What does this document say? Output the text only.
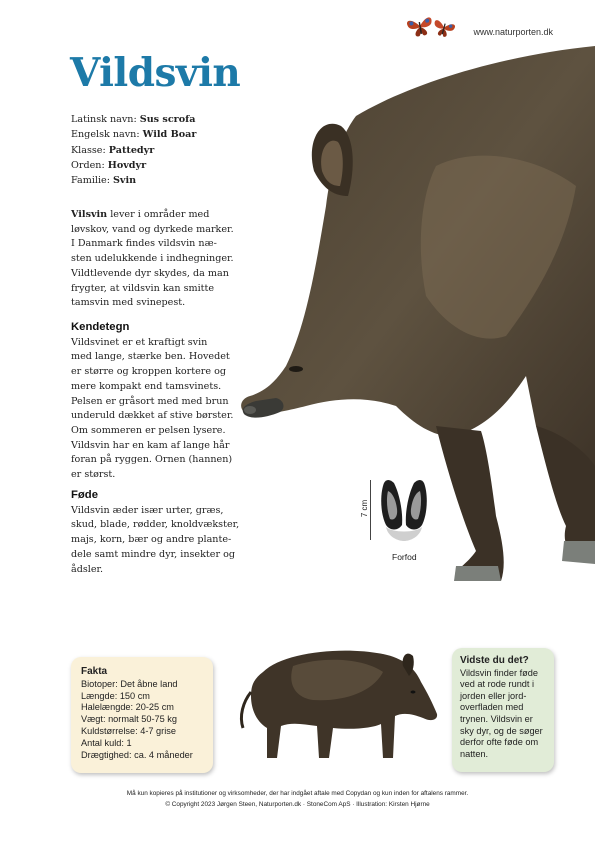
www.naturporten.dk
Vildsvin
Latinsk navn: Sus scrofa
Engelsk navn: Wild Boar
Klasse: Pattedyr
Orden: Hovdyr
Familie: Svin

Vilsvin lever i områder med

løvskov, vand og dyrkede marker.

I Danmark findes vildsvin næ-

sten udelukkende i indhegninger.

Vildtlevende dyr skydes, da man

frygter, at vildsvin kan smitte

tamsvin med svinepest.

Kendetegn

Vildsvinet er et kraftigt svin

med lange, stærke ben. Hovedet

er større og kroppen kortere og

mere kompakt end tamsvinets.

Pelsen er gråsort med med brun

underuld dækket af stive børster.

Om sommeren er pelsen lysere.

Vildsvin har en kam af lange hår

foran på ryggen. Ornen (hannen)

er størst.

Føde

Vildsvin æder især urter, græs,

skud, blade, rødder, knoldvækster,

majs, korn, bær og andre plante-

dele samt mindre dyr, insekter og

ådsler.

7 cm
Forfod
Fakta
Biotoper: Det åbne land
Længde: 150 cm
Halelængde: 20-25 cm
Vægt: normalt 50-75 kg
Kuldstørrelse: 4-7 grise
Antal kuld: 1
Drægtighed: ca. 4 måneder
Vidste du det?
Vildsvin finder føde
ved at rode rundt i
jorden eller jord-
overfladen med
trynen. Vildsvin er
sky dyr, og de søger
derfor ofte føde om
natten.
Må kun kopieres på institutioner og virksomheder, der har indgået aftale med Copydan og kun inden for aftalens rammer.
© Copyright 2023 Jørgen Steen, Naturporten.dk · StoneCom ApS · Illustration: Kirsten Hjørne
